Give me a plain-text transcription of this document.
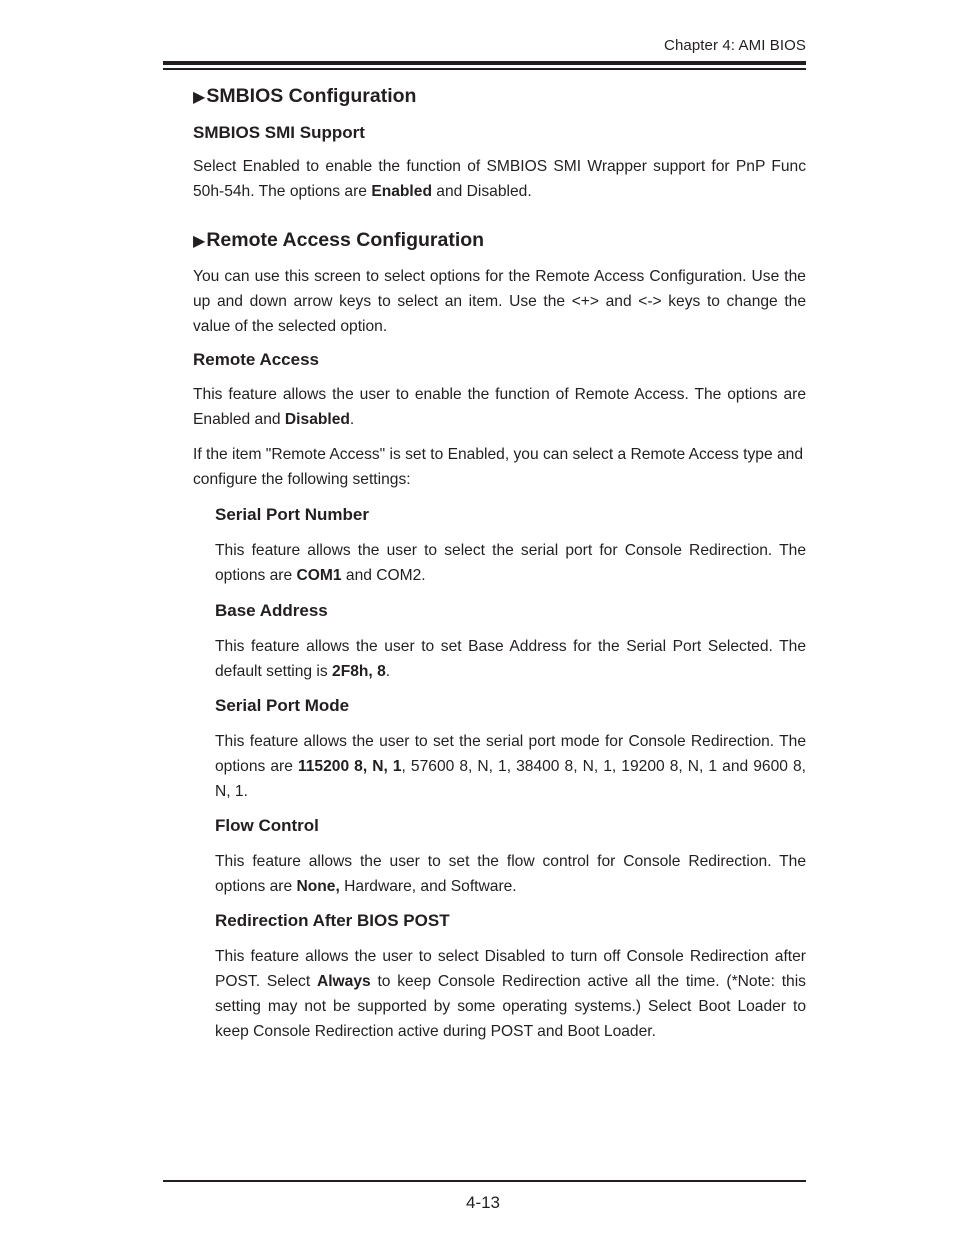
Chapter 4: AMI BIOS
▶SMBIOS Configuration
SMBIOS SMI Support

Select Enabled to enable the function of SMBIOS SMI Wrapper support for PnP Func 50h-54h. The options are Enabled and Disabled.

▶Remote Access Configuration

You can use this screen to select options for the Remote Access Configuration. Use the up and down arrow keys to select an item. Use the <+> and <-> keys to change the value of the selected option.

Remote Access

This feature allows the user to enable the function of Remote Access. The options are Enabled and Disabled.

If the item "Remote Access" is set to Enabled, you can select a Remote Access type and configure the following settings:

Serial Port Number

This feature allows the user to select the serial port for Console Redirection. The options are COM1 and COM2.

Base Address

This feature allows the user to set Base Address for the Serial Port Selected. The default setting is 2F8h, 8.

Serial Port Mode

This feature allows the user to set the serial port mode for Console Redirection. The options are 115200 8, N, 1, 57600 8, N, 1, 38400 8, N, 1, 19200 8, N, 1 and 9600 8, N, 1.

Flow Control

This feature allows the user to set the flow control for Console Redirection. The options are None, Hardware, and Software.

Redirection After BIOS POST

This feature allows the user to select Disabled to turn off Console Redirection after POST. Select Always to keep Console Redirection active all the time. (*Note: this setting may not be supported by some operating systems.) Select Boot Loader to keep Console Redirection active during POST and Boot Loader.

4-13
